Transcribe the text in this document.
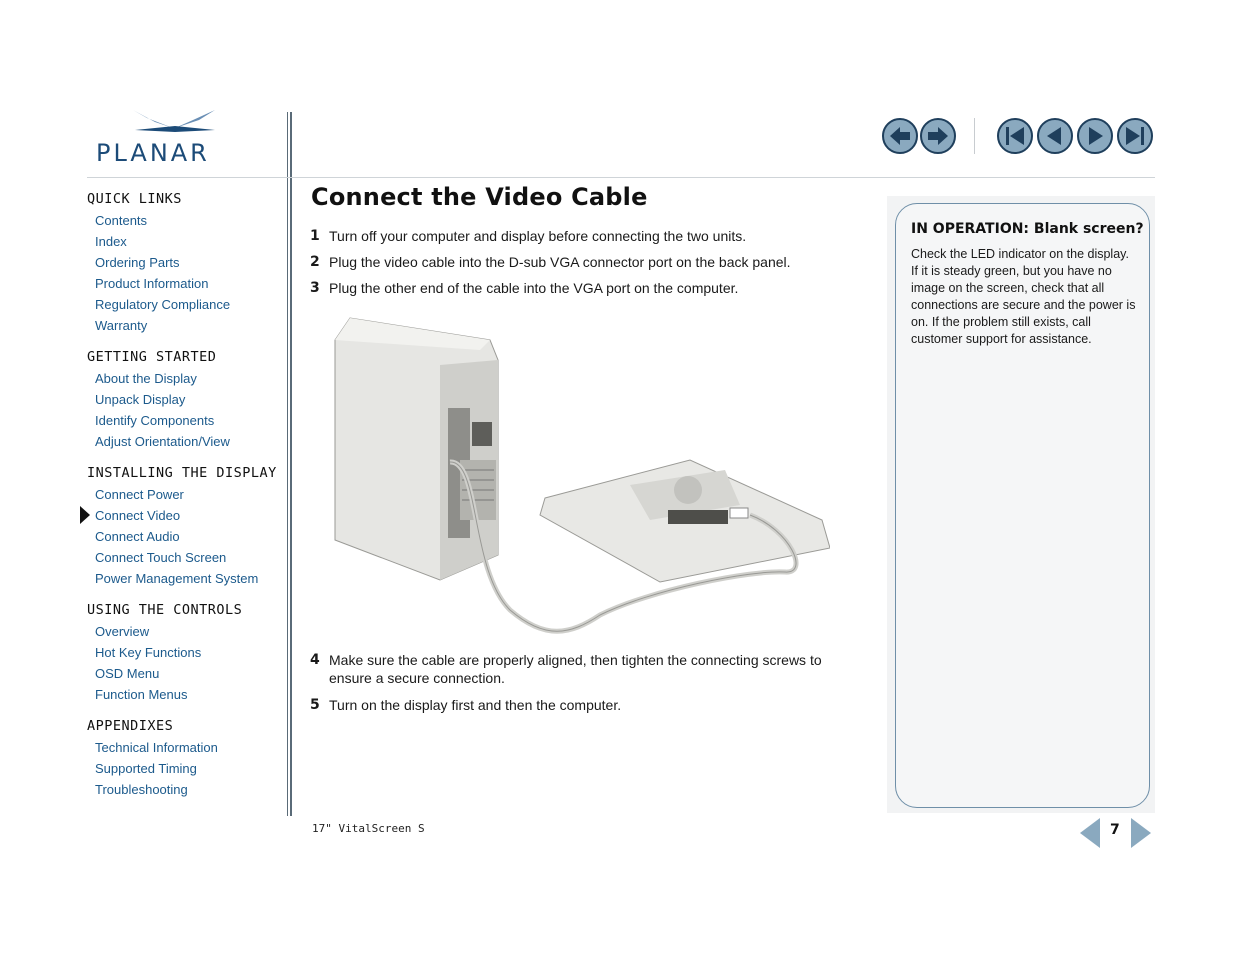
PLANAR
QUICK LINKS
Contents
Index
Ordering Parts
Product Information
Regulatory Compliance
Warranty
GETTING STARTED
About the Display
Unpack Display
Identify Components
Adjust Orientation/View
INSTALLING THE DISPLAY
Connect Power
Connect Video
Connect Audio
Connect Touch Screen
Power Management System
USING THE CONTROLS
Overview
Hot Key Functions
OSD Menu
Function Menus
APPENDIXES
Technical Information
Supported Timing
Troubleshooting
Connect the Video Cable
1 Turn off your computer and display before connecting the two units.
2 Plug the video cable into the D-sub VGA connector port on the back panel.
3 Plug the other end of the cable into the VGA port on the computer.
4 Make sure the cable are properly aligned, then tighten the connecting screws to ensure a secure connection.
5 Turn on the display first and then the computer.
IN OPERATION: Blank screen?

Check the LED indicator on the display. If it is steady green, but you have no image on the screen, check that all connections are secure and the power is on. If the problem still exists, call customer support for assistance.

17" VitalScreen S	7
